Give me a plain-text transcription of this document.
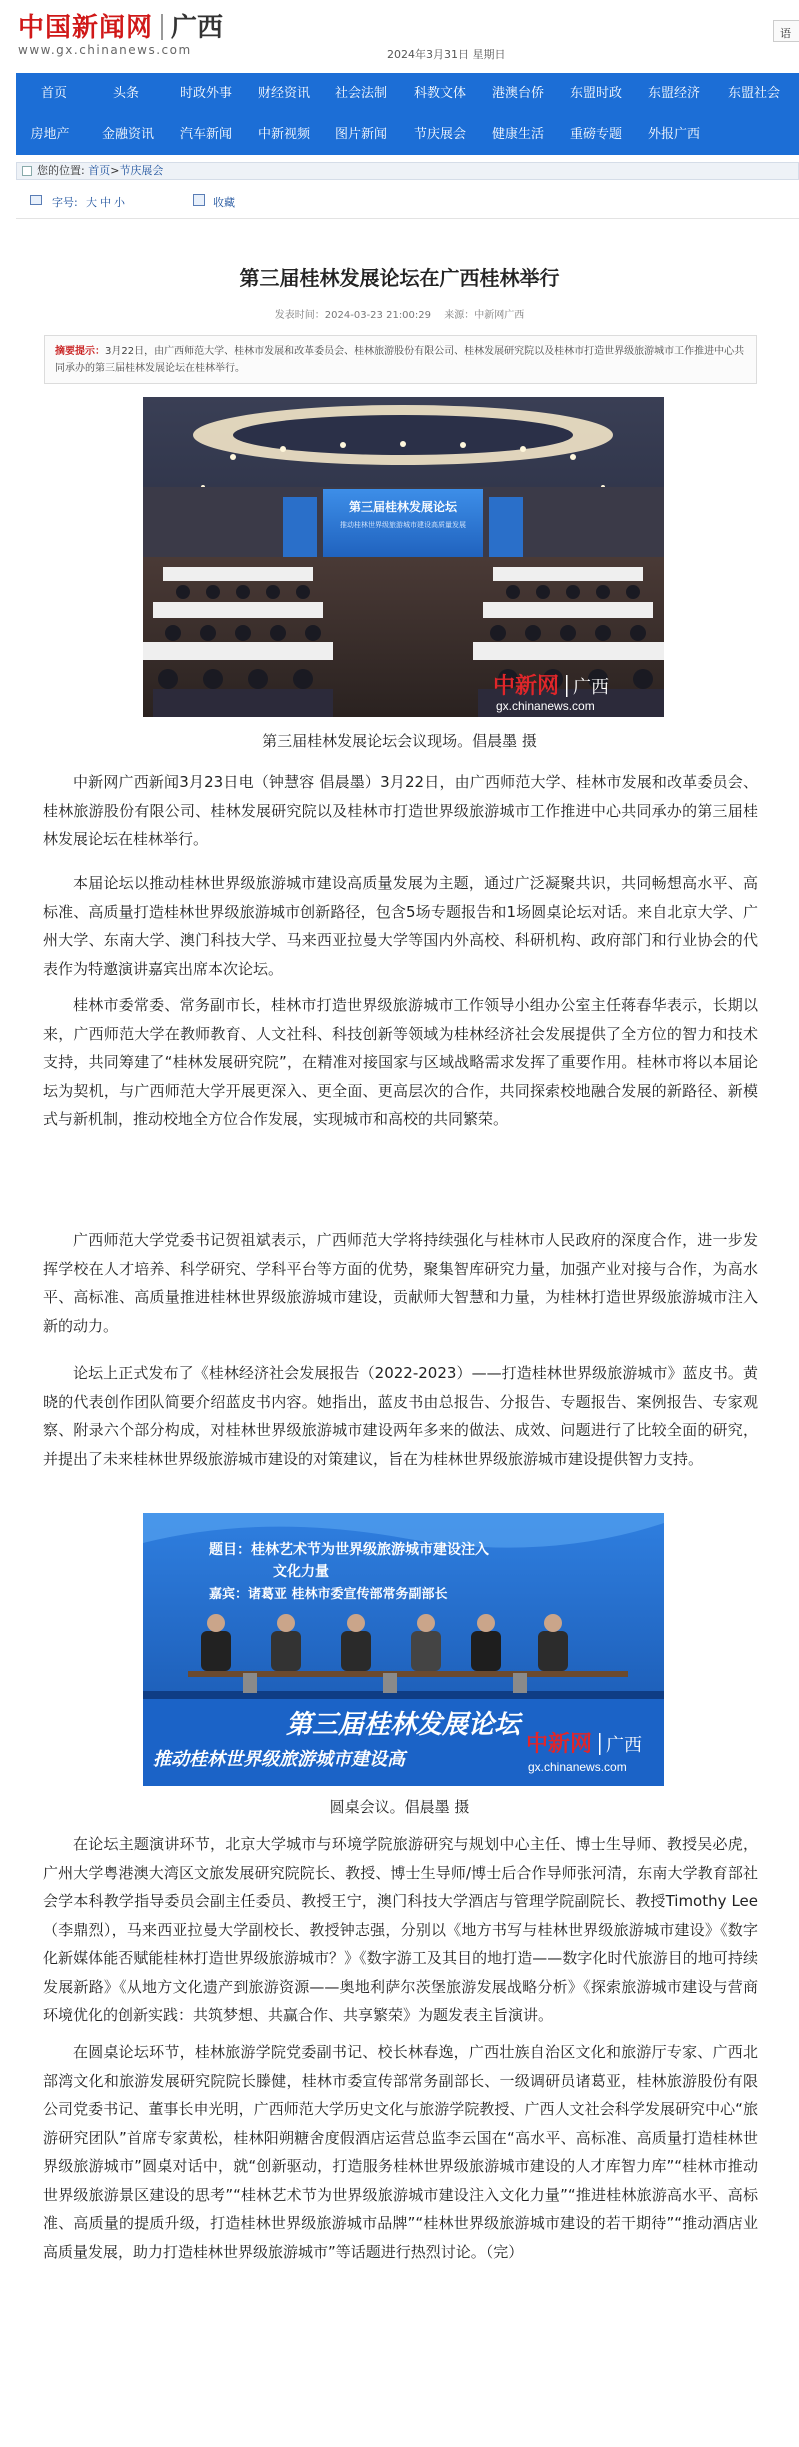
中国新闻网 广西
www.gx.chinanews.com	2024年3月31日 星期日
语
首页	头条	时政外事	财经资讯	社会法制	科教文体	港澳台侨	东盟时政	东盟经济	东盟社会
房地产	金融资讯	汽车新闻	中新视频	图片新闻	节庆展会	健康生活	重磅专题	外报广西
您的位置: 首页>节庆展会
字号: 大 中 小	收藏
第三届桂林发展论坛在广西桂林举行
发表时间：2024-03-23 21:00:29 来源：中新网广西
摘要提示：3月22日，由广西师范大学、桂林市发展和改革委员会、桂林旅游股份有限公司、桂林发展研究院以及桂林市打造世界级旅游城市工作推进中心共同承办的第三届桂林发展论坛在桂林举行。
第三届桂林发展论坛
推动桂林世界级旅游城市建设高质量发展
中新网 广西
gx.chinanews.com
第三届桂林发展论坛会议现场。倡晨墨 摄

中新网广西新闻3月23日电（钟慧容 倡晨墨）3月22日，由广西师范大学、桂林市发展和改革委员会、桂林旅游股份有限公司、桂林发展研究院以及桂林市打造世界级旅游城市工作推进中心共同承办的第三届桂林发展论坛在桂林举行。

本届论坛以推动桂林世界级旅游城市建设高质量发展为主题，通过广泛凝聚共识，共同畅想高水平、高标准、高质量打造桂林世界级旅游城市创新路径，包含5场专题报告和1场圆桌论坛对话。来自北京大学、广州大学、东南大学、澳门科技大学、马来西亚拉曼大学等国内外高校、科研机构、政府部门和行业协会的代表作为特邀演讲嘉宾出席本次论坛。

桂林市委常委、常务副市长，桂林市打造世界级旅游城市工作领导小组办公室主任蒋春华表示，长期以来，广西师范大学在教师教育、人文社科、科技创新等领域为桂林经济社会发展提供了全方位的智力和技术支持，共同筹建了“桂林发展研究院”，在精准对接国家与区域战略需求发挥了重要作用。桂林市将以本届论坛为契机，与广西师范大学开展更深入、更全面、更高层次的合作，共同探索校地融合发展的新路径、新模式与新机制，推动校地全方位合作发展，实现城市和高校的共同繁荣。

广西师范大学党委书记贺祖斌表示，广西师范大学将持续强化与桂林市人民政府的深度合作，进一步发挥学校在人才培养、科学研究、学科平台等方面的优势，聚集智库研究力量，加强产业对接与合作，为高水平、高标准、高质量推进桂林世界级旅游城市建设，贡献师大智慧和力量，为桂林打造世界级旅游城市注入新的动力。

论坛上正式发布了《桂林经济社会发展报告（2022-2023）——打造桂林世界级旅游城市》蓝皮书。黄晓的代表创作团队简要介绍蓝皮书内容。她指出，蓝皮书由总报告、分报告、专题报告、案例报告、专家观察、附录六个部分构成，对桂林世界级旅游城市建设两年多来的做法、成效、问题进行了比较全面的研究，并提出了未来桂林世界级旅游城市建设的对策建议，旨在为桂林世界级旅游城市建设提供智力支持。

题目：桂林艺术节为世界级旅游城市建设注入
文化力量
嘉宾：诸葛亚 桂林市委宣传部常务副部长
第三届桂林发展论坛
推动桂林世界级旅游城市建设高
中新网 广西
gx.chinanews.com
圆桌会议。倡晨墨 摄

在论坛主题演讲环节，北京大学城市与环境学院旅游研究与规划中心主任、博士生导师、教授吴必虎，广州大学粤港澳大湾区文旅发展研究院院长、教授、博士生导师/博士后合作导师张河清，东南大学教育部社会学本科教学指导委员会副主任委员、教授王宁，澳门科技大学酒店与管理学院副院长、教授Timothy Lee（李鼎烈），马来西亚拉曼大学副校长、教授钟志强，分别以《地方书写与桂林世界级旅游城市建设》《数字化新媒体能否赋能桂林打造世界级旅游城市？》《数字游工及其目的地打造——数字化时代旅游目的地可持续发展新路》《从地方文化遗产到旅游资源——奥地利萨尔茨堡旅游发展战略分析》《探索旅游城市建设与营商环境优化的创新实践：共筑梦想、共赢合作、共享繁荣》为题发表主旨演讲。

在圆桌论坛环节，桂林旅游学院党委副书记、校长林春逸，广西壮族自治区文化和旅游厅专家、广西北部湾文化和旅游发展研究院院长滕健，桂林市委宣传部常务副部长、一级调研员诸葛亚，桂林旅游股份有限公司党委书记、董事长申光明，广西师范大学历史文化与旅游学院教授、广西人文社会科学发展研究中心“旅游研究团队”首席专家黄松，桂林阳朔糖舍度假酒店运营总监李云国在“高水平、高标准、高质量打造桂林世界级旅游城市”圆桌对话中，就“创新驱动，打造服务桂林世界级旅游城市建设的人才库智力库”“桂林市推动世界级旅游景区建设的思考”“桂林艺术节为世界级旅游城市建设注入文化力量”“推进桂林旅游高水平、高标准、高质量的提质升级，打造桂林世界级旅游城市品牌”“桂林世界级旅游城市建设的若干期待”“推动酒店业高质量发展，助力打造桂林世界级旅游城市”等话题进行热烈讨论。（完）
